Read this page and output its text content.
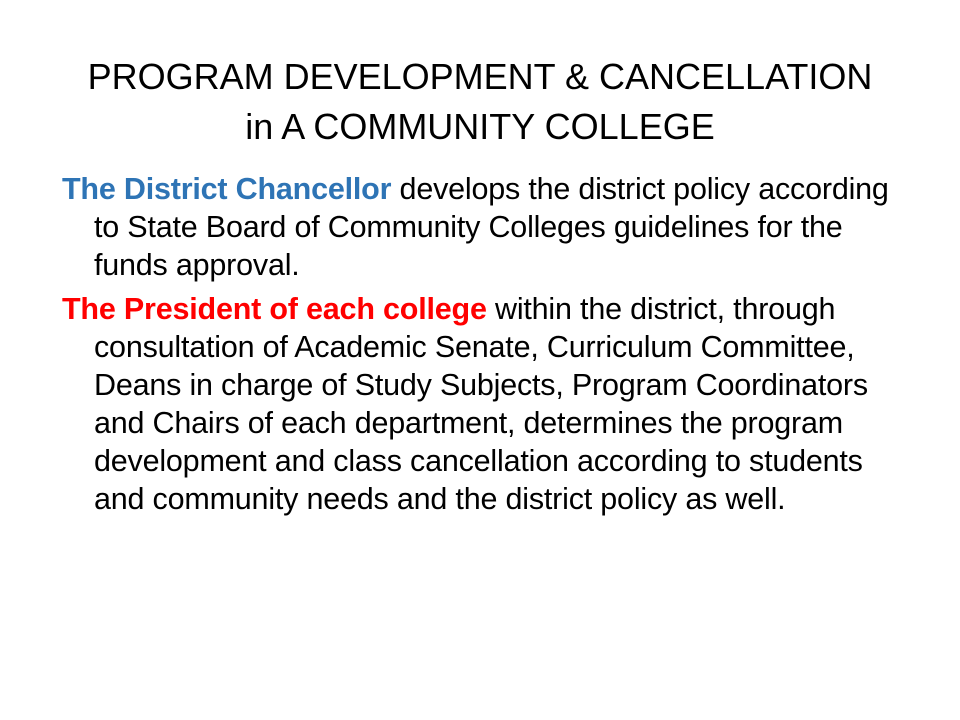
PROGRAM DEVELOPMENT & CANCELLATION
in A COMMUNITY COLLEGE

The District Chancellor develops the district policy according to State Board of Community Colleges guidelines for the funds approval.

The President of each college within the district, through consultation of Academic Senate, Curriculum Committee, Deans in charge of Study Subjects, Program Coordinators and Chairs of each department, determines the program development and class cancellation according to students and community needs and the district policy as well.
